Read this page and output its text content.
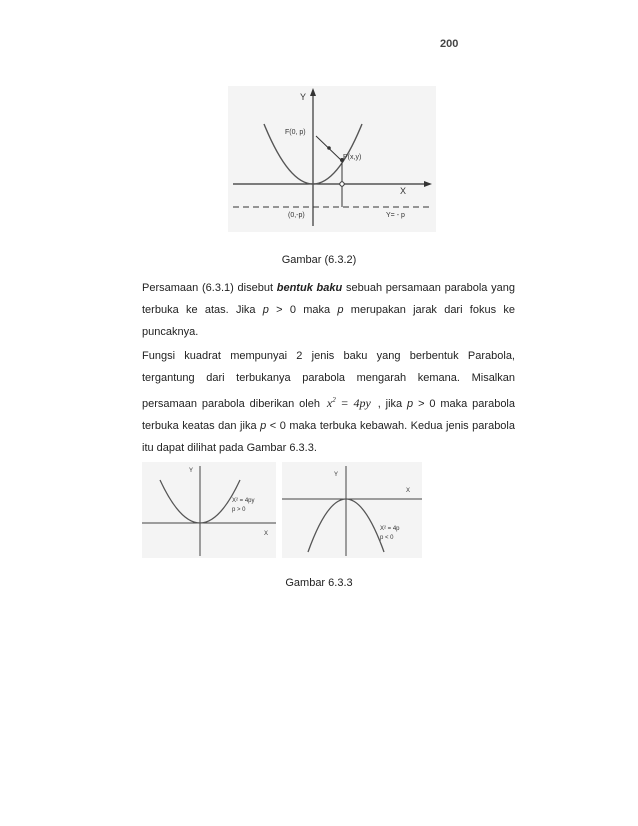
200
Y
X
F(0, p)
P(x,y)
(0,-p)	Y= - p
Gambar (6.3.2)

Persamaan (6.3.1) disebut bentuk baku sebuah persamaan parabola yang terbuka ke atas. Jika p > 0 maka p merupakan jarak dari fokus ke puncaknya.

Fungsi kuadrat mempunyai 2 jenis baku yang berbentuk Parabola, tergantung dari terbukanya parabola mengarah kemana. Misalkan persamaan parabola diberikan oleh $x^2 = 4py$ , jika p > 0 maka parabola terbuka keatas dan jika p < 0 maka terbuka kebawah. Kedua jenis parabola itu dapat dilihat pada Gambar 6.3.3.

Y
X
X² = 4py
p > 0
Y
X
X² = 4p
p < 0
Gambar 6.3.3
